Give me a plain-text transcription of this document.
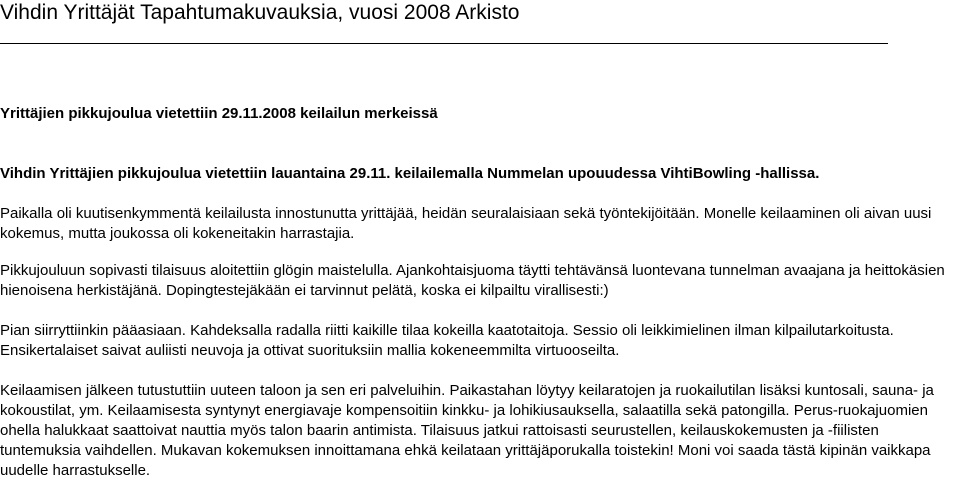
Vihdin Yrittäjät Tapahtumakuvauksia, vuosi 2008 Arkisto
Yrittäjien pikkujoulua vietettiin 29.11.2008 keilailun merkeissä

Vihdin Yrittäjien pikkujoulua vietettiin lauantaina 29.11. keilailemalla Nummelan upouudessa VihtiBowling -hallissa.

Paikalla oli kuutisenkymmentä keilailusta innostunutta yrittäjää, heidän seuralaisiaan sekä työntekijöitään. Monelle keilaaminen oli aivan uusi kokemus, mutta joukossa oli kokeneitakin harrastajia.

Pikkujouluun sopivasti tilaisuus aloitettiin glögin maistelulla. Ajankohtaisjuoma täytti tehtävänsä luontevana tunnelman avaajana ja heittokäsien hienoisena herkistäjänä. Dopingtestejäkään ei tarvinnut pelätä, koska ei kilpailtu virallisesti:)

Pian siirryttiinkin pääasiaan. Kahdeksalla radalla riitti kaikille tilaa kokeilla kaatotaitoja. Sessio oli leikkimielinen ilman kilpailutarkoitusta. Ensikertalaiset saivat auliisti neuvoja ja ottivat suorituksiin mallia kokeneemmilta virtuooseilta.

Keilaamisen jälkeen tutustuttiin uuteen taloon ja sen eri palveluihin. Paikastahan löytyy keilaratojen ja ruokailutilan lisäksi kuntosali, sauna- ja kokoustilat, ym. Keilaamisesta syntynyt energiavaje kompensoitiin kinkku- ja lohikiusauksella, salaatilla sekä patongilla. Perus-ruokajuomien ohella halukkaat saattoivat nauttia myös talon baarin antimista. Tilaisuus jatkui rattoisasti seurustellen, keilauskokemusten ja -fiilisten tuntemuksia vaihdellen. Mukavan kokemuksen innoittamana ehkä keilataan yrittäjäporukalla toistekin! Moni voi saada tästä kipinän vaikkapa uudelle harrastukselle.
